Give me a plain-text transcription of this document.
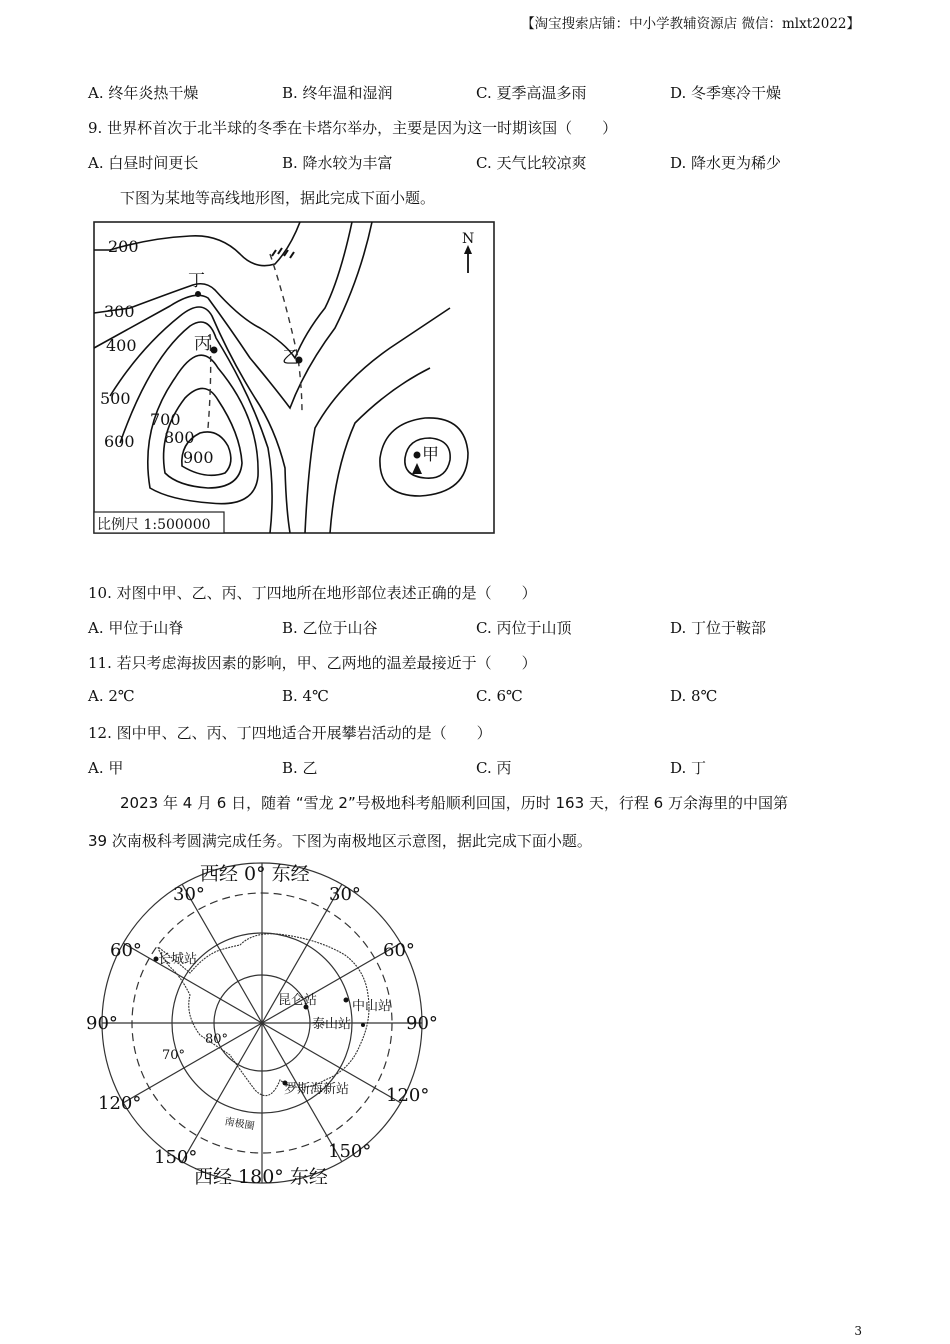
【淘宝搜索店铺：中小学教辅资源店 微信：mlxt2022】
A. 终年炎热干燥	B. 终年温和湿润	C. 夏季高温多雨	D. 冬季寒冷干燥
9. 世界杯首次于北半球的冬季在卡塔尔举办，主要是因为这一时期该国（　　）
A. 白昼时间更长	B. 降水较为丰富	C. 天气比较凉爽	D. 降水更为稀少
下图为某地等高线地形图，据此完成下面小题。
200
300
400
500
600
700
800
900
丁
丙
乙
甲
N
比例尺 1:500000
10. 对图中甲、乙、丙、丁四地所在地形部位表述正确的是（　　）
A. 甲位于山脊	B. 乙位于山谷	C. 丙位于山顶	D. 丁位于鞍部
11. 若只考虑海拔因素的影响，甲、乙两地的温差最接近于（　　）
A. 2℃	B. 4℃	C. 6℃	D. 8℃
12. 图中甲、乙、丙、丁四地适合开展攀岩活动的是（　　）
A. 甲	B. 乙	C. 丙	D. 丁
2023 年 4 月 6 日，随着 “雪龙 2”号极地科考船顺利回国，历时 163 天，行程 6 万余海里的中国第
39 次南极科考圆满完成任务。下图为南极地区示意图，据此完成下面小题。
西经 0° 东经
西经 180° 东经
30°	30°
60°	60°
90°	90°
120°	120°
150°	150°
70°
80°
长城站
昆仑站	中山站
泰山站
罗斯海新站
南极圈
3
